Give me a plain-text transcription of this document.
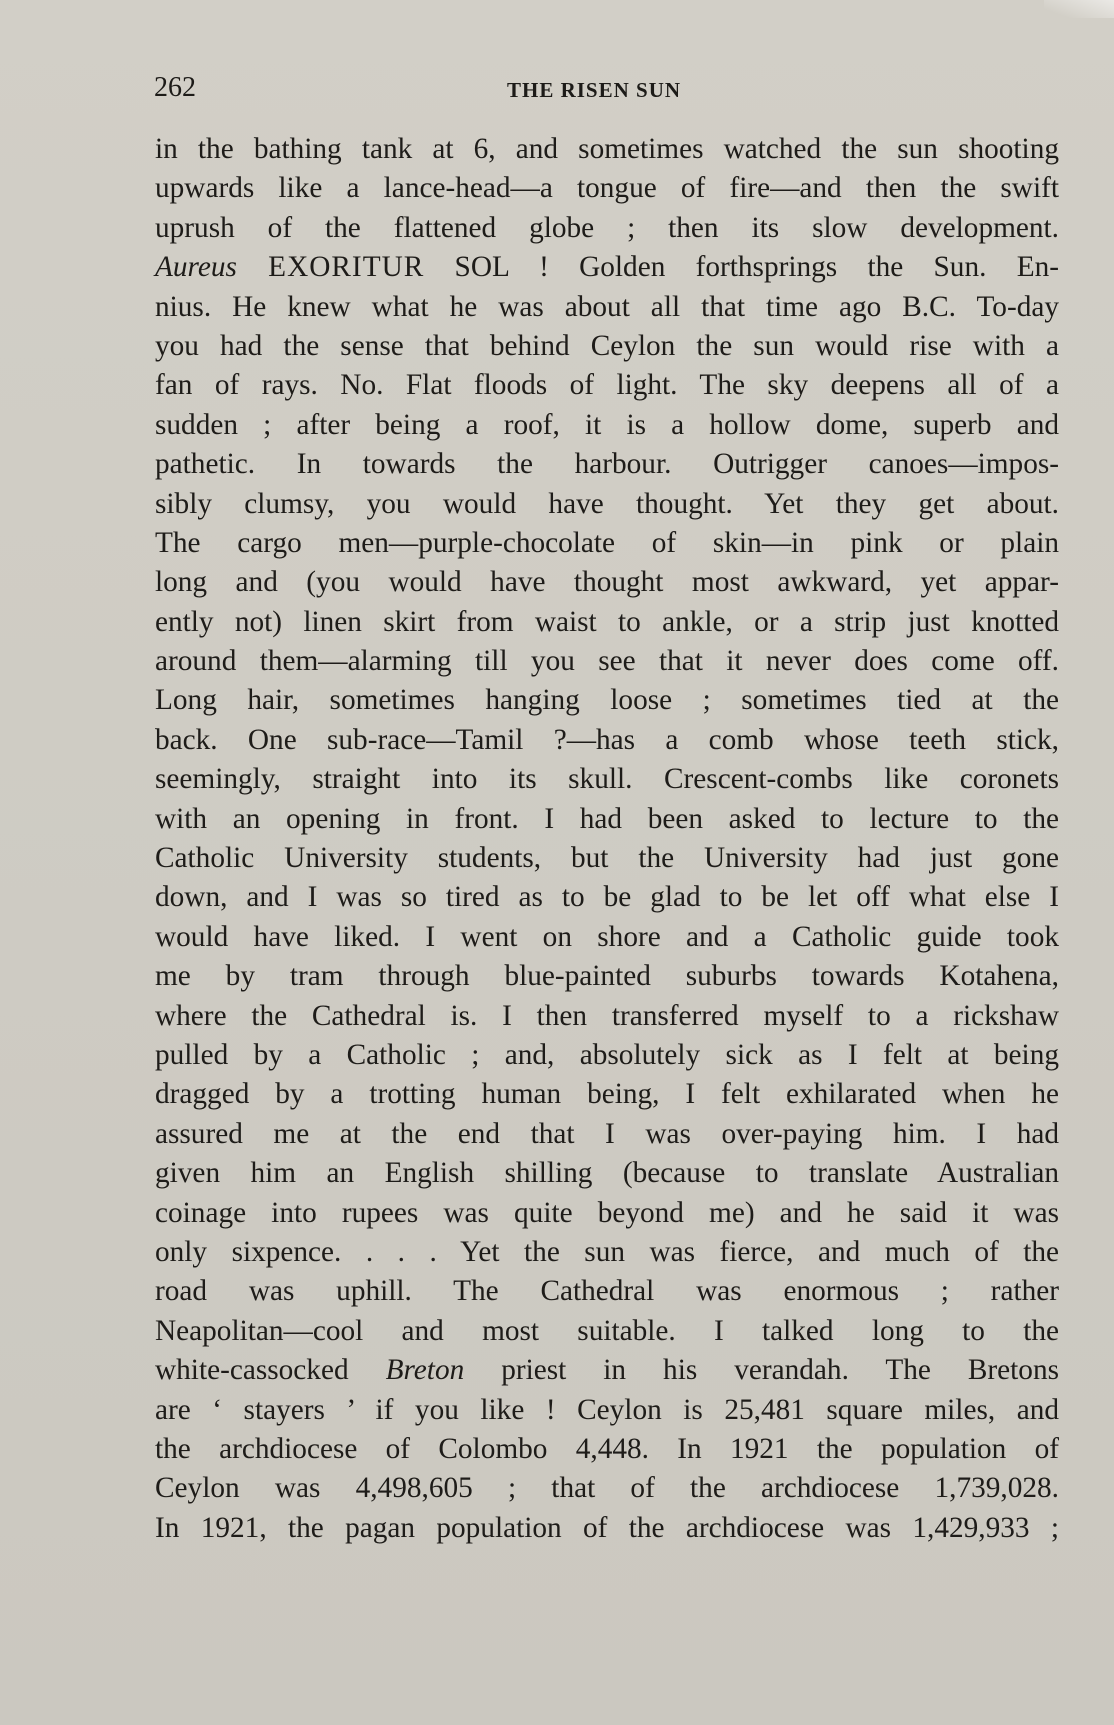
262	THE RISEN SUN
in the bathing tank at 6, and sometimes watched the sun shooting
upwards like a lance-head—a tongue of fire—and then the swift
uprush of the flattened globe ; then its slow development.
Aureus EXORITUR SOL ! Golden forthsprings the Sun. En-
nius. He knew what he was about all that time ago B.C. To-day
you had the sense that behind Ceylon the sun would rise with a
fan of rays. No. Flat floods of light. The sky deepens all of a
sudden ; after being a roof, it is a hollow dome, superb and
pathetic. In towards the harbour. Outrigger canoes—impos-
sibly clumsy, you would have thought. Yet they get about.
The cargo men—purple-chocolate of skin—in pink or plain
long and (you would have thought most awkward, yet appar-
ently not) linen skirt from waist to ankle, or a strip just knotted
around them—alarming till you see that it never does come off.
Long hair, sometimes hanging loose ; sometimes tied at the
back. One sub-race—Tamil ?—has a comb whose teeth stick,
seemingly, straight into its skull. Crescent-combs like coronets
with an opening in front. I had been asked to lecture to the
Catholic University students, but the University had just gone
down, and I was so tired as to be glad to be let off what else I
would have liked. I went on shore and a Catholic guide took
me by tram through blue-painted suburbs towards Kotahena,
where the Cathedral is. I then transferred myself to a rickshaw
pulled by a Catholic ; and, absolutely sick as I felt at being
dragged by a trotting human being, I felt exhilarated when he
assured me at the end that I was over-paying him. I had
given him an English shilling (because to translate Australian
coinage into rupees was quite beyond me) and he said it was
only sixpence. . . . Yet the sun was fierce, and much of the
road was uphill. The Cathedral was enormous ; rather
Neapolitan—cool and most suitable. I talked long to the
white-cassocked Breton priest in his verandah. The Bretons
are ‘ stayers ’ if you like ! Ceylon is 25,481 square miles, and
the archdiocese of Colombo 4,448. In 1921 the population of
Ceylon was 4,498,605 ; that of the archdiocese 1,739,028.
In 1921, the pagan population of the archdiocese was 1,429,933 ;
